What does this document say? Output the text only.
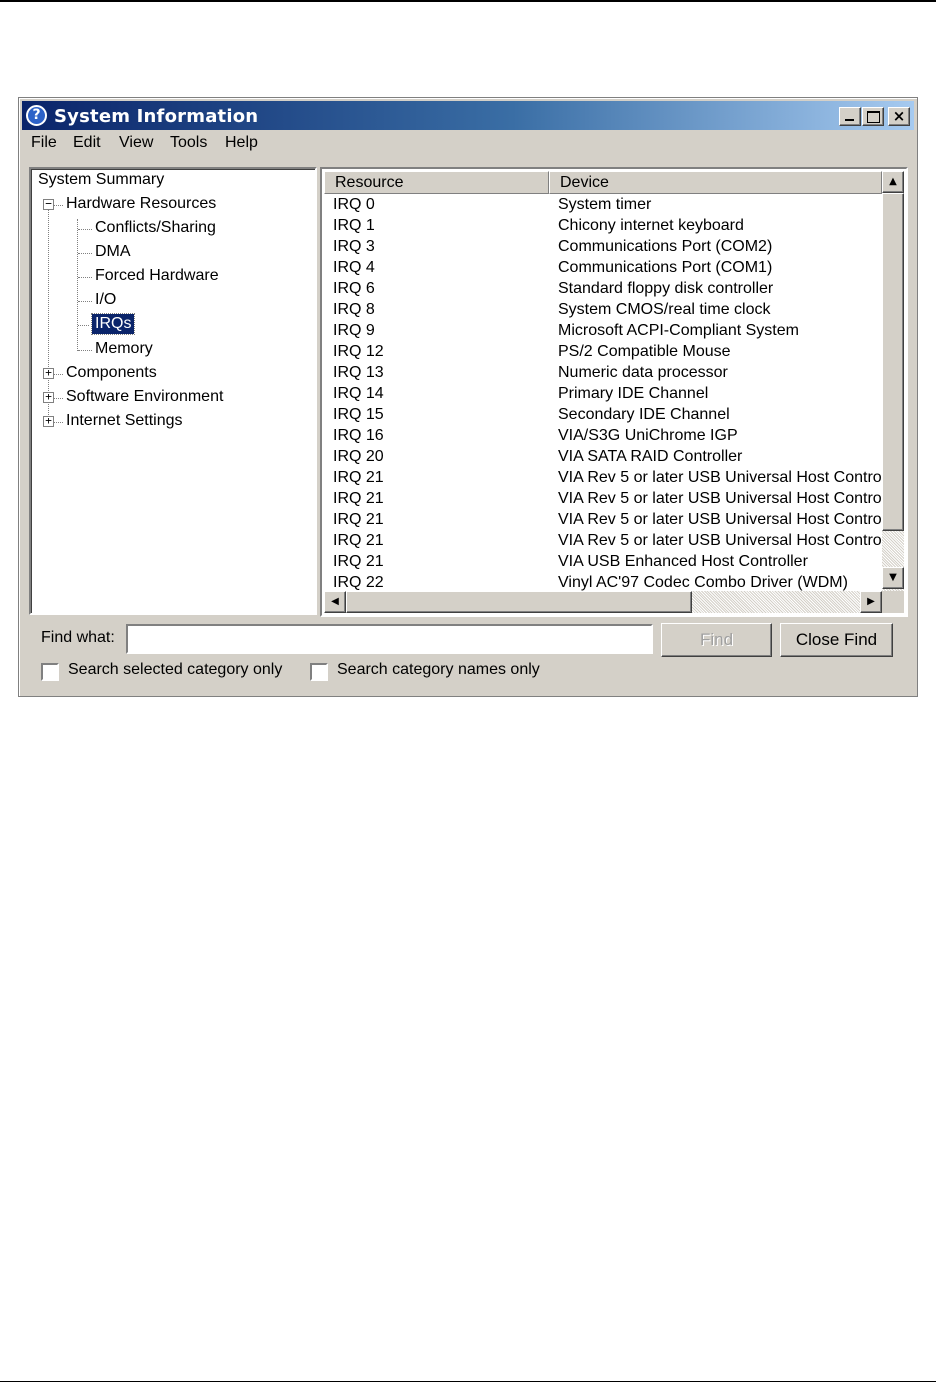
? System Information	×
File Edit View Tools Help
System Summary
− Hardware Resources
Conflicts/Sharing
DMA
Forced Hardware
I/O
IRQs
Memory
+ Components
+ Software Environment
+ Internet Settings
Resource	Device
IRQ 0	System timer
IRQ 1	Chicony internet keyboard
IRQ 3	Communications Port (COM2)
IRQ 4	Communications Port (COM1)
IRQ 6	Standard floppy disk controller
IRQ 8	System CMOS/real time clock
IRQ 9	Microsoft ACPI-Compliant System
IRQ 12	PS/2 Compatible Mouse
IRQ 13	Numeric data processor
IRQ 14	Primary IDE Channel
IRQ 15	Secondary IDE Channel
IRQ 16	VIA/S3G UniChrome IGP
IRQ 20	VIA SATA RAID Controller
IRQ 21	VIA Rev 5 or later USB Universal Host Contro
IRQ 21	VIA Rev 5 or later USB Universal Host Contro
IRQ 21	VIA Rev 5 or later USB Universal Host Contro
IRQ 21	VIA Rev 5 or later USB Universal Host Contro
IRQ 21	VIA USB Enhanced Host Controller
IRQ 22	Vinyl AC'97 Codec Combo Driver (WDM)
▲
▼
◀	▶
Find what:	Find	Close Find
Search selected category only	Search category names only
